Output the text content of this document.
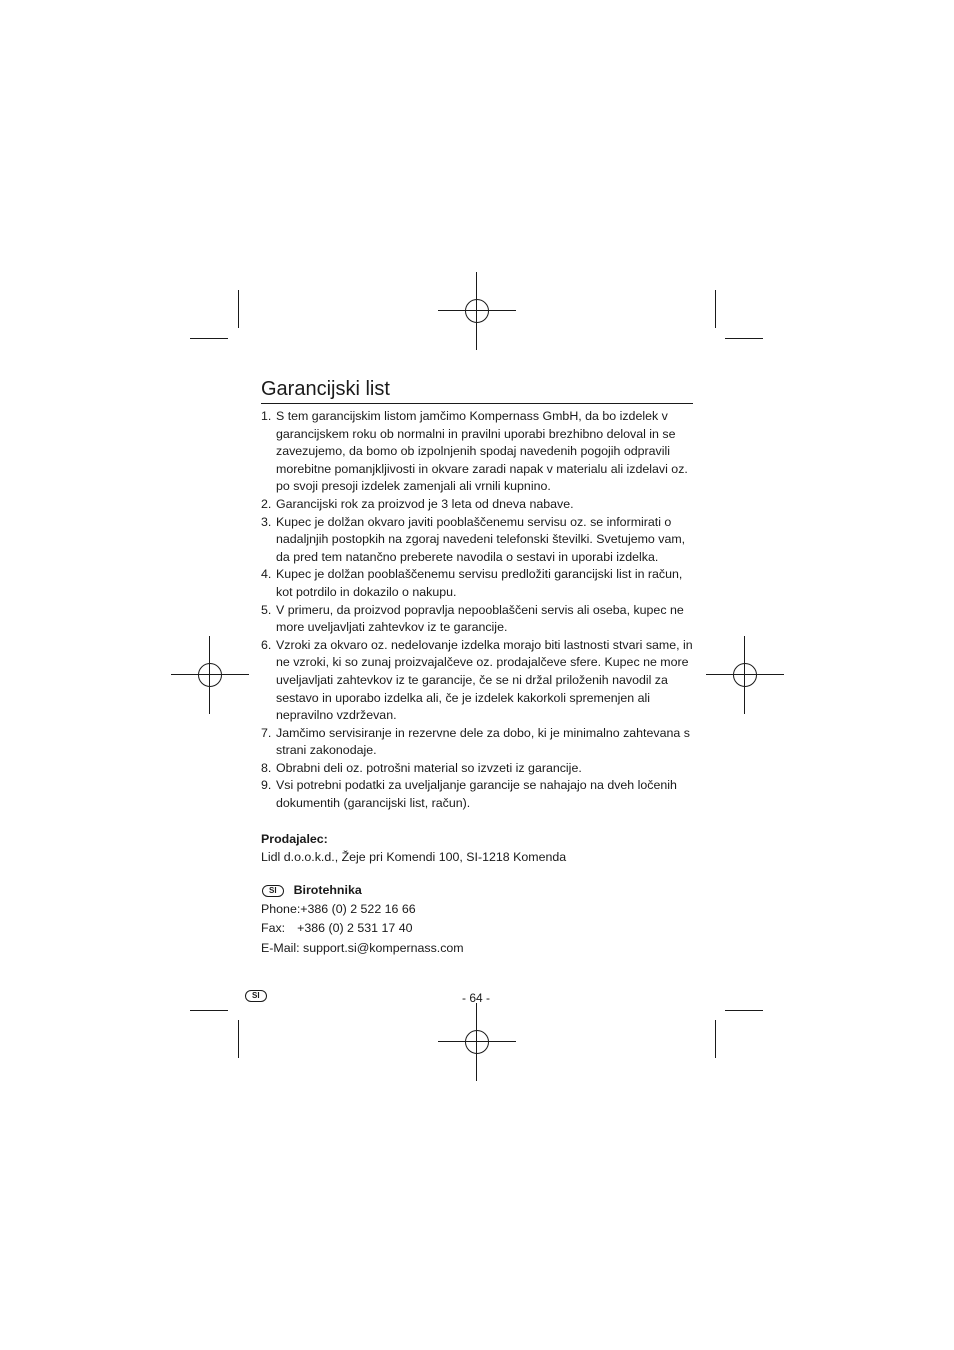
Garancijski list
1. S tem garancijskim listom jamčimo Kompernass GmbH, da bo izdelek v garancijskem roku ob normalni in pravilni uporabi brezhibno deloval in se zavezujemo, da bomo ob izpolnjenih spodaj navedenih pogojih odpravili morebitne pomanjkljivosti in okvare zaradi napak v materialu ali izdelavi oz. po svoji presoji izdelek zamenjali ali vrnili kupnino.
2. Garancijski rok za proizvod je 3 leta od dneva nabave.
3. Kupec je dolžan okvaro javiti pooblaščenemu servisu oz. se informirati o nadaljnjih postopkih na zgoraj navedeni telefonski številki. Svetujemo vam, da pred tem natančno preberete navodila o sestavi in uporabi izdelka.
4. Kupec je dolžan pooblaščenemu servisu predložiti garancijski list in račun, kot potrdilo in dokazilo o nakupu.
5. V primeru, da proizvod popravlja nepooblaščeni servis ali oseba, kupec ne more uveljavljati zahtevkov iz te garancije.
6. Vzroki za okvaro oz. nedelovanje izdelka morajo biti lastnosti stvari same, in ne vzroki, ki so zunaj proizvajalčeve oz. prodajalčeve sfere. Kupec ne more uveljavljati zahtevkov iz te garancije, če se ni držal priloženih navodil za sestavo in uporabo izdelka ali, če je izdelek kakorkoli spremenjen ali nepravilno vzdrževan.
7. Jamčimo servisiranje in rezervne dele za dobo, ki je minimalno zahtevana s strani zakonodaje.
8. Obrabni deli oz. potrošni material so izvzeti iz garancije.
9. Vsi potrebni podatki za uveljaljanje garancije se nahajajo na dveh ločenih dokumentih (garancijski list, račun).
Prodajalec:
Lidl d.o.o.k.d., Žeje pri Komendi 100, SI-1218 Komenda
SI Birotehnika
Phone:+386 (0) 2 522 16 66
Fax: +386 (0) 2 531 17 40
E-Mail: support.si@kompernass.com
SI	- 64 -
